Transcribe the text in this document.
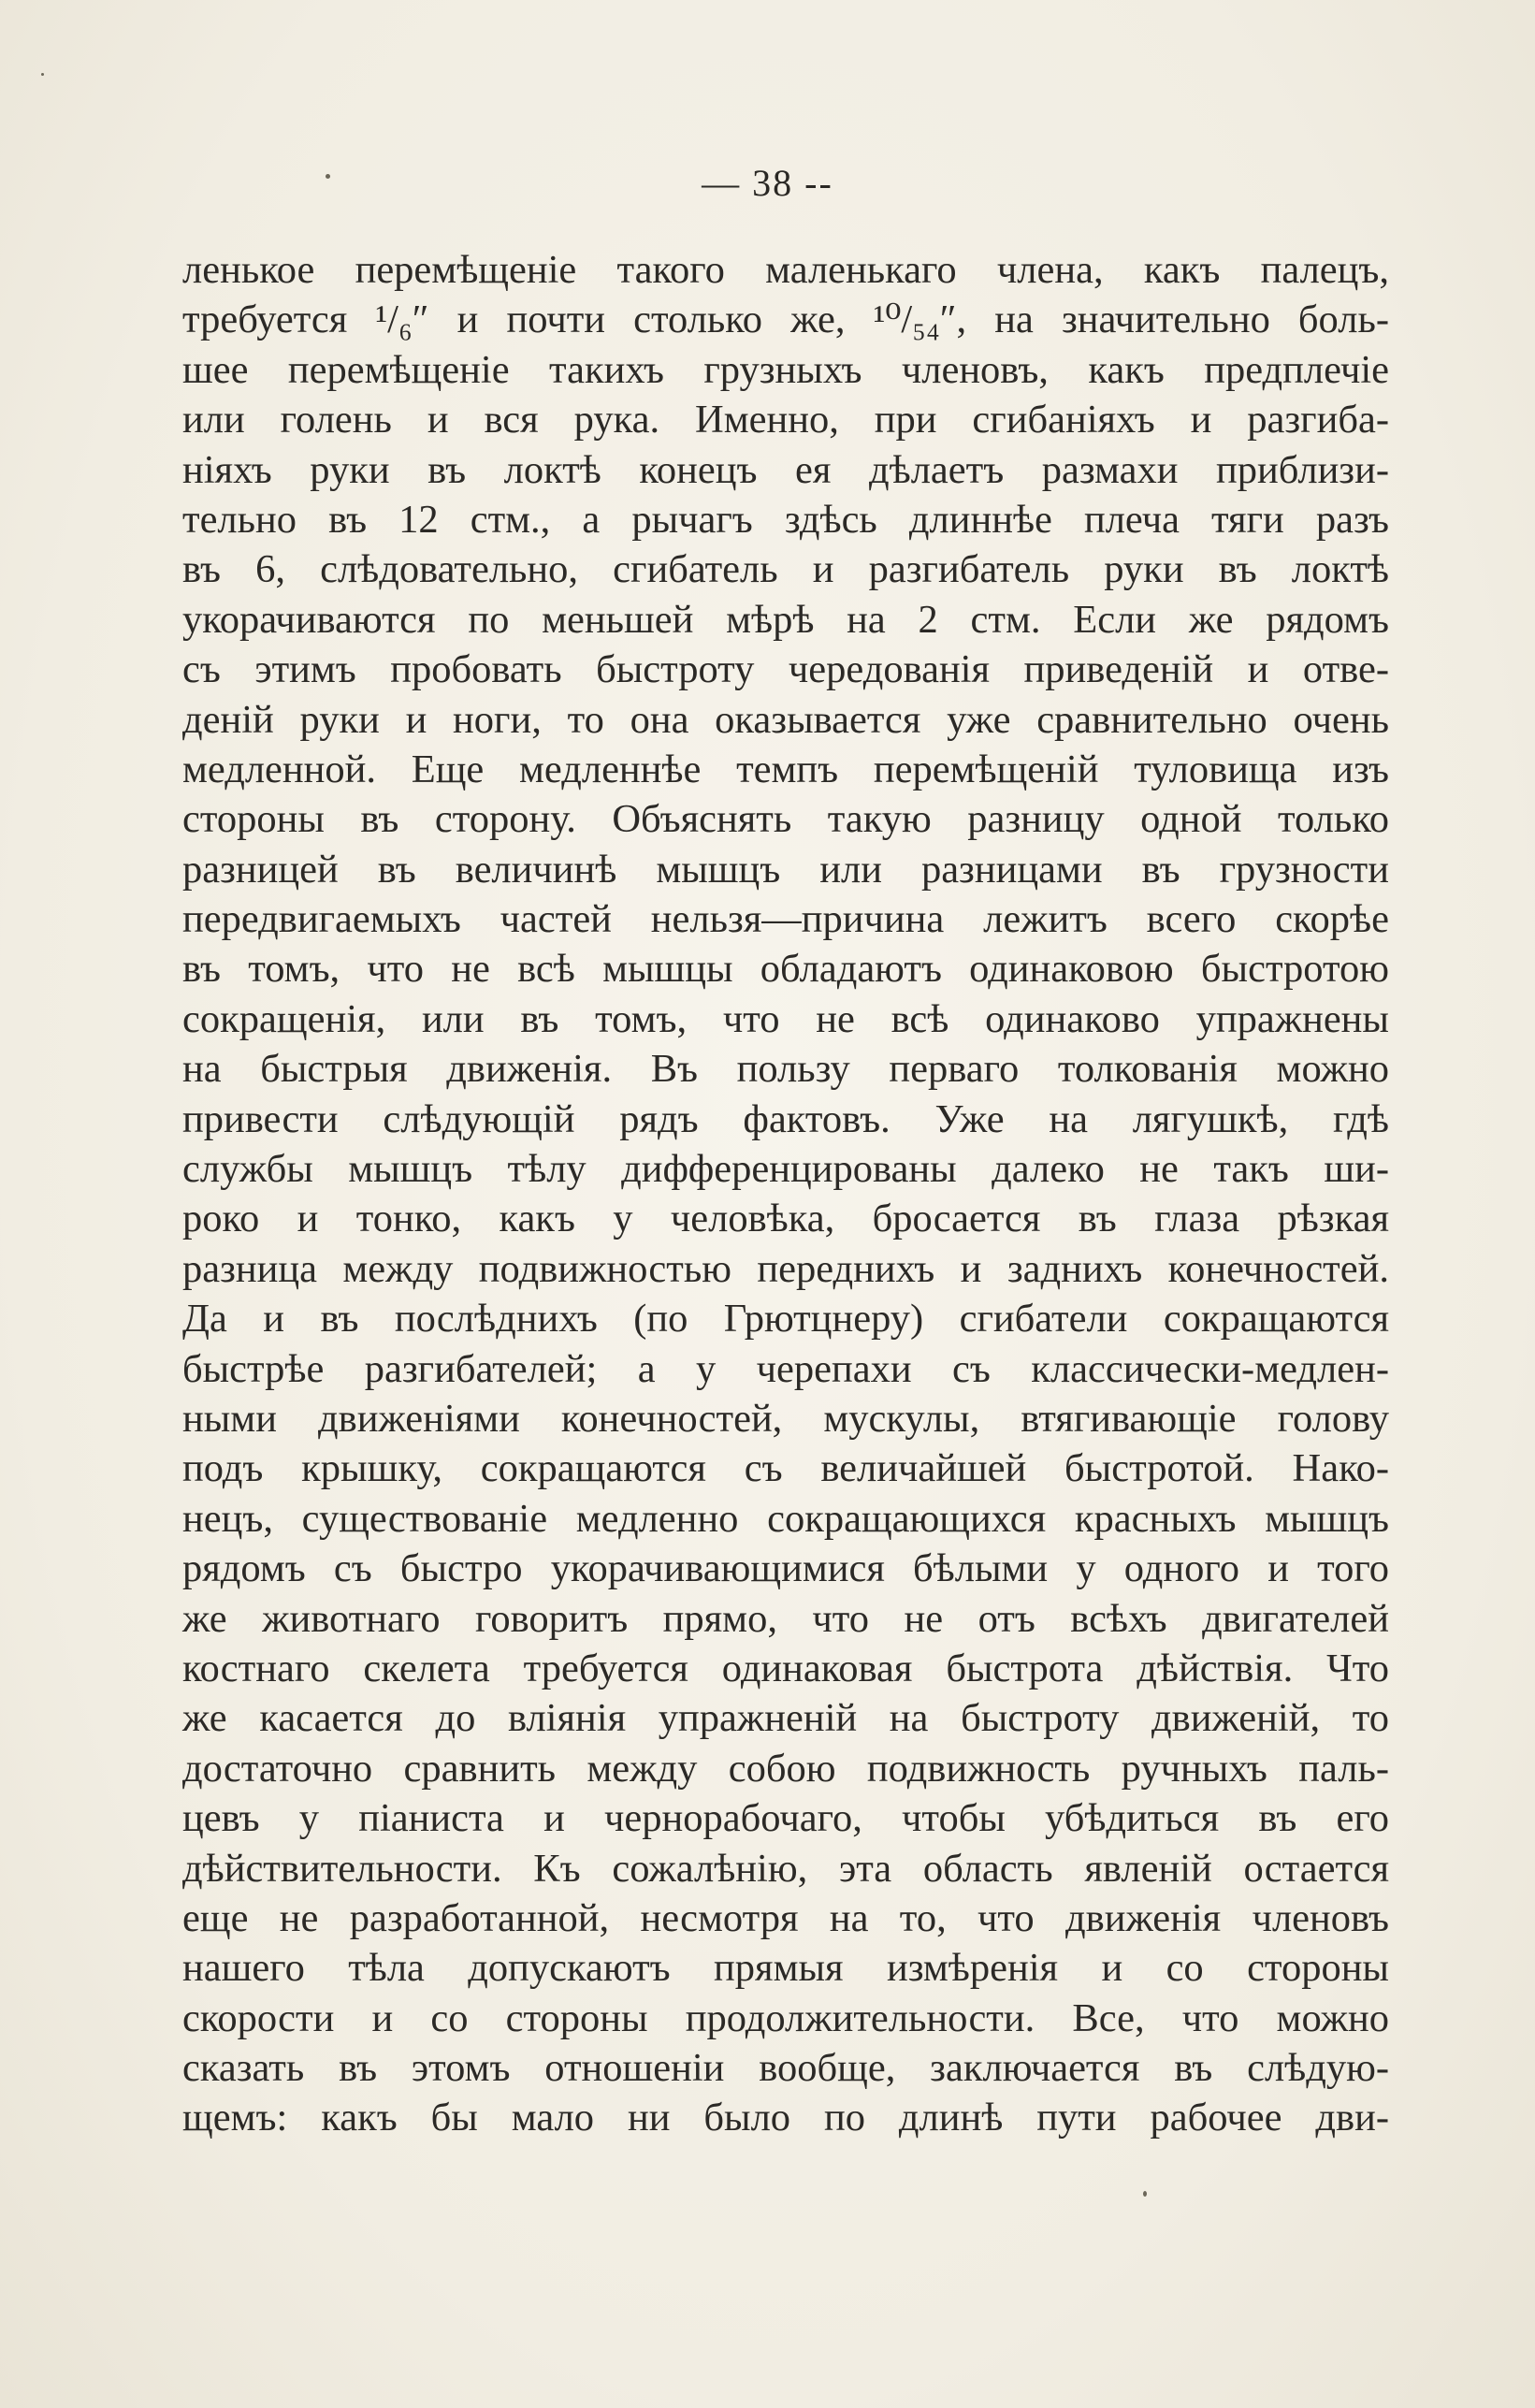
— 38 --
ленькое перемѣщеніе такого маленькаго члена, какъ палецъ,
требуется ¹/₆″ и почти столько же, ¹⁰/₅₄″, на значительно боль-
шее перемѣщеніе такихъ грузныхъ членовъ, какъ предплечіе
или голень и вся рука. Именно, при сгибаніяхъ и разгиба-
ніяхъ руки въ локтѣ конецъ ея дѣлаетъ размахи приблизи-
тельно въ 12 стм., а рычагъ здѣсь длиннѣе плеча тяги разъ
въ 6, слѣдовательно, сгибатель и разгибатель руки въ локтѣ
укорачиваются по меньшей мѣрѣ на 2 стм. Если же рядомъ
съ этимъ пробовать быстроту чередованія приведеній и отве-
деній руки и ноги, то она оказывается уже сравнительно очень
медленной. Еще медленнѣе темпъ перемѣщеній туловища изъ
стороны въ сторону. Объяснять такую разницу одной только
разницей въ величинѣ мышцъ или разницами въ грузности
передвигаемыхъ частей нельзя—причина лежитъ всего скорѣе
въ томъ, что не всѣ мышцы обладаютъ одинаковою быстротою
сокращенія, или въ томъ, что не всѣ одинаково упражнены
на быстрыя движенія. Въ пользу перваго толкованія можно
привести слѣдующій рядъ фактовъ. Уже на лягушкѣ, гдѣ
службы мышцъ тѣлу дифференцированы далеко не такъ ши-
роко и тонко, какъ у человѣка, бросается въ глаза рѣзкая
разница между подвижностью переднихъ и заднихъ конечностей.
Да и въ послѣднихъ (по Грютцнеру) сгибатели сокращаются
быстрѣе разгибателей; а у черепахи съ классически-медлен-
ными движеніями конечностей, мускулы, втягивающіе голову
подъ крышку, сокращаются съ величайшей быстротой. Нако-
нецъ, существованіе медленно сокращающихся красныхъ мышцъ
рядомъ съ быстро укорачивающимися бѣлыми у одного и того
же животнаго говоритъ прямо, что не отъ всѣхъ двигателей
костнаго скелета требуется одинаковая быстрота дѣйствія. Что
же касается до вліянія упражненій на быстроту движеній, то
достаточно сравнить между собою подвижность ручныхъ паль-
цевъ у піаниста и чернорабочаго, чтобы убѣдиться въ его
дѣйствительности. Къ сожалѣнію, эта область явленій остается
еще не разработанной, несмотря на то, что движенія членовъ
нашего тѣла допускаютъ прямыя измѣренія и со стороны
скорости и со стороны продолжительности. Все, что можно
сказать въ этомъ отношеніи вообще, заключается въ слѣдую-
щемъ: какъ бы мало ни было по длинѣ пути рабочее дви-
